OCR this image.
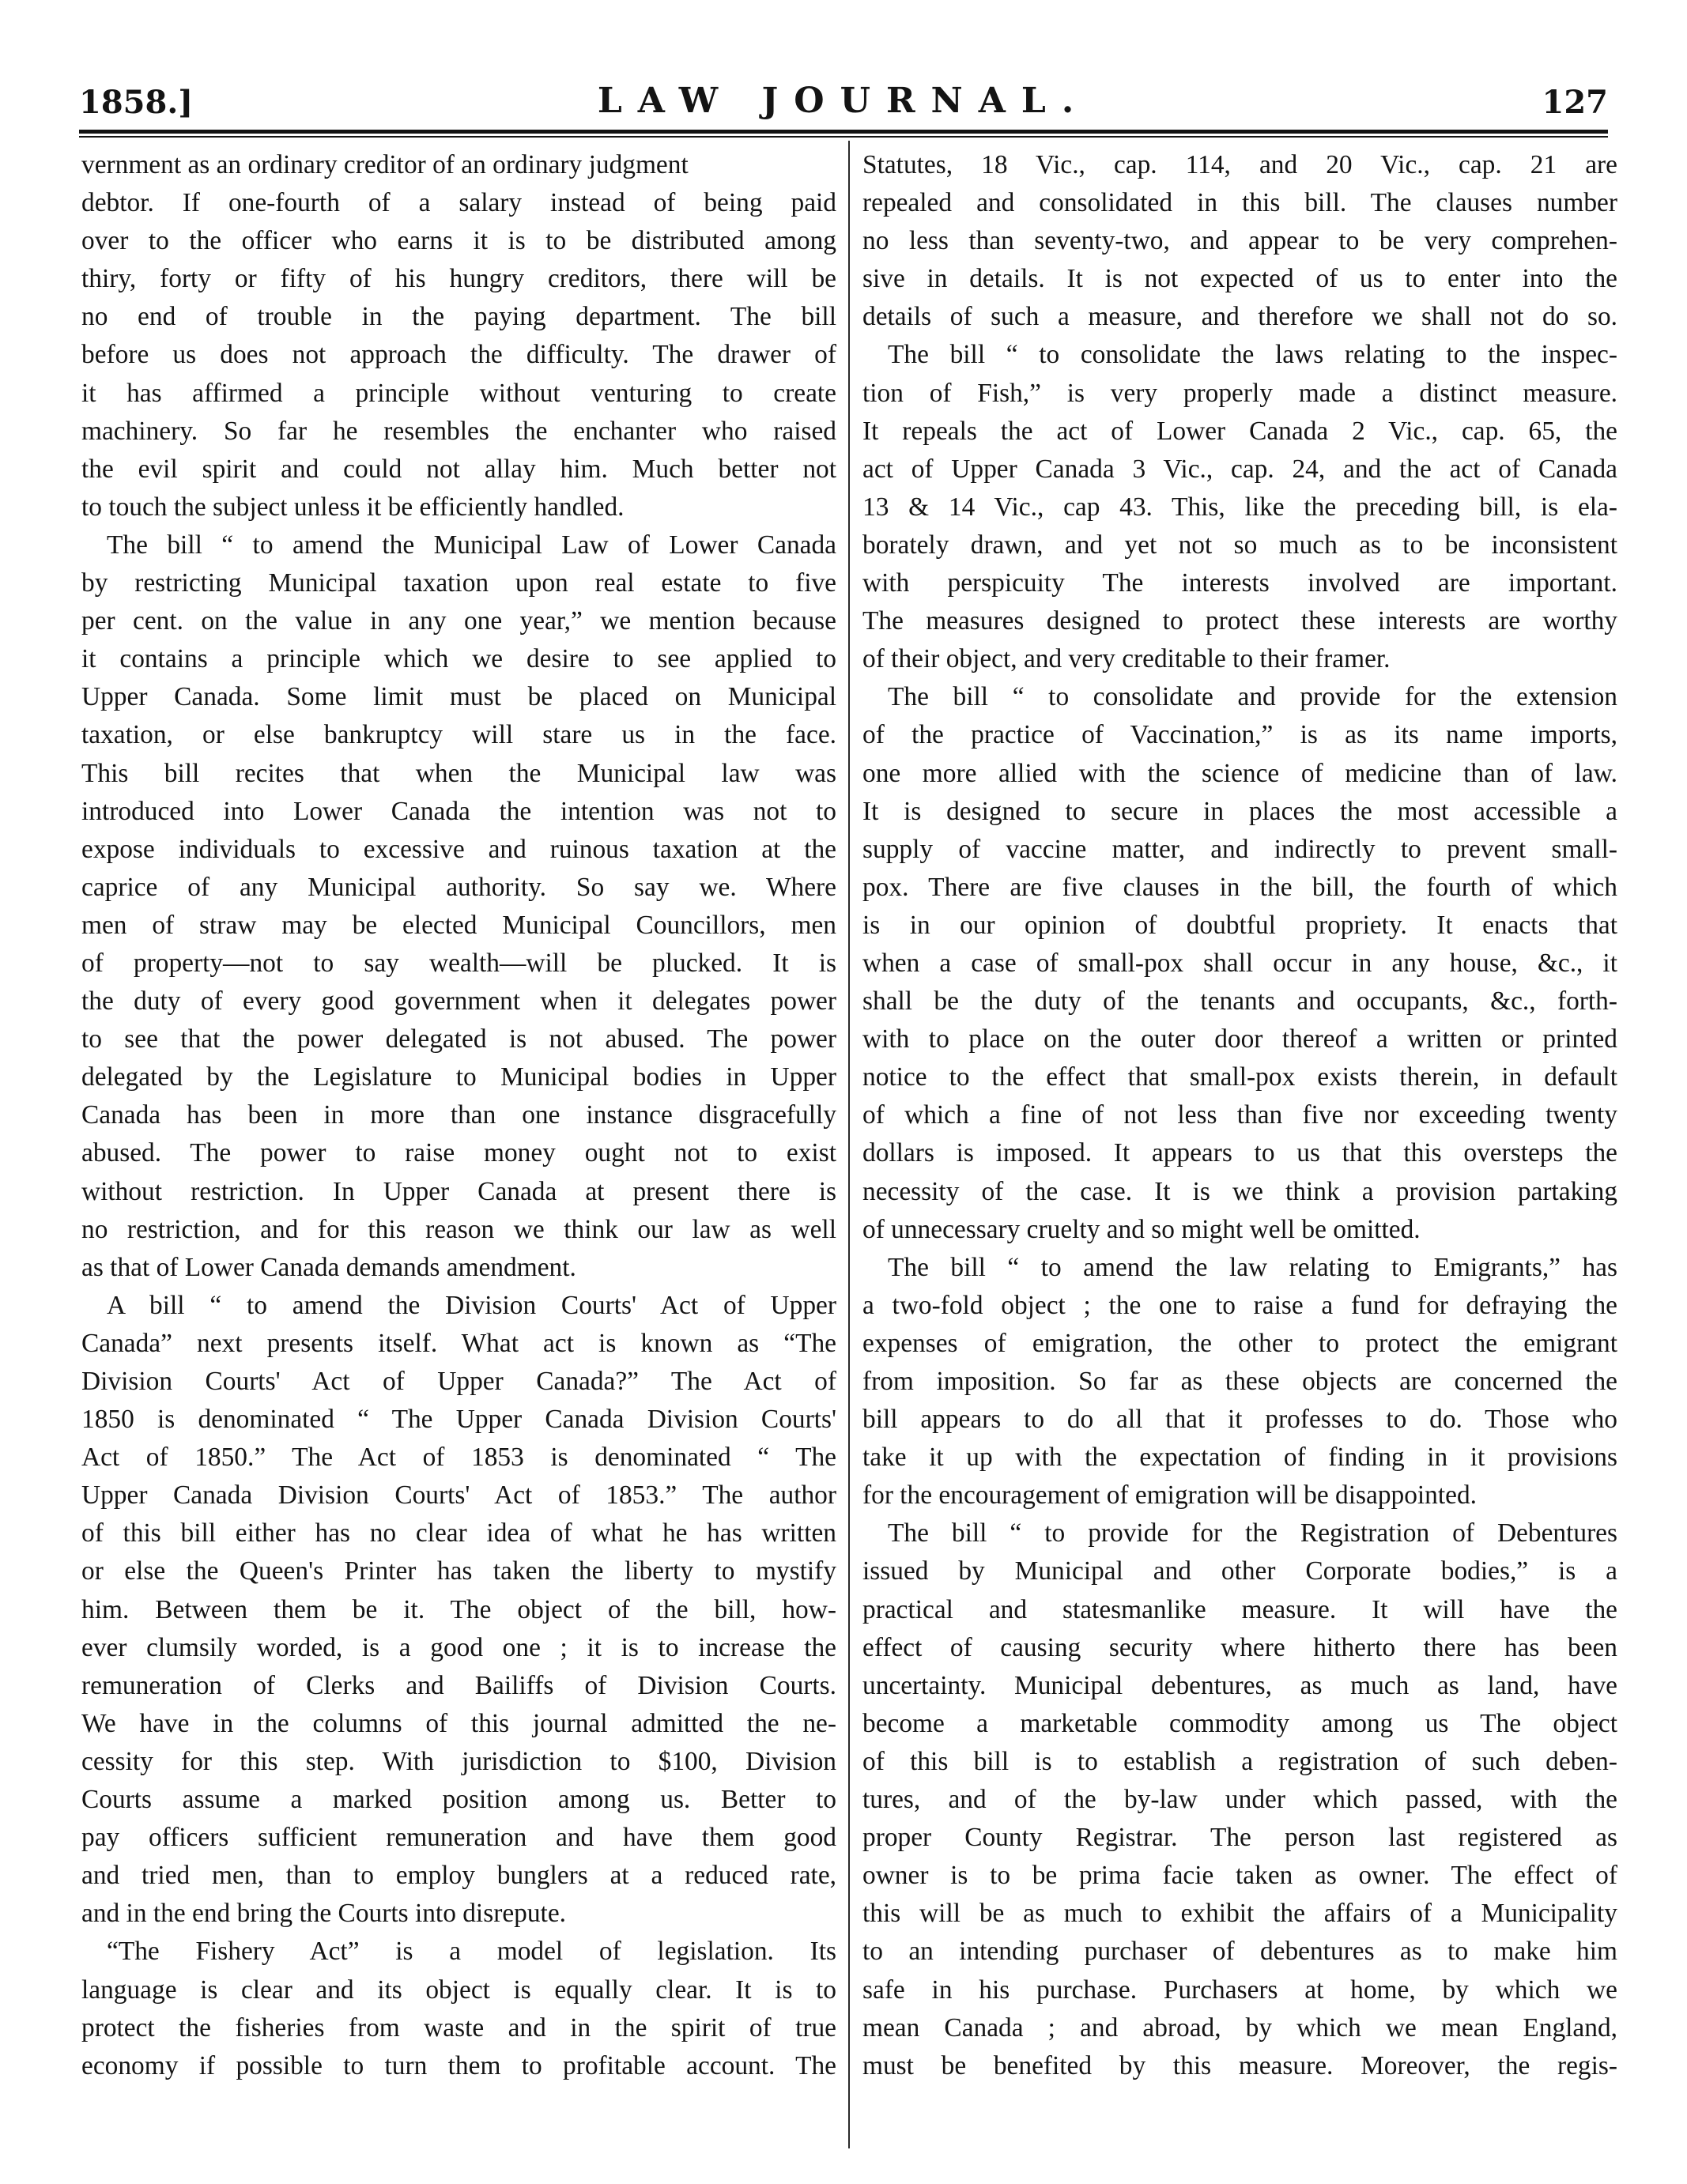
1858.]	LAW JOURNAL.	127

vernment as an ordinary creditor of an ordinary judgment

debtor. If one-fourth of a salary instead of being paid

over to the officer who earns it is to be distributed among

thiry, forty or fifty of his hungry creditors, there will be

no end of trouble in the paying department. The bill

before us does not approach the difficulty. The drawer of

it has affirmed a principle without venturing to create

machinery. So far he resembles the enchanter who raised

the evil spirit and could not allay him. Much better not

to touch the subject unless it be efficiently handled.

The bill “ to amend the Municipal Law of Lower Canada

by restricting Municipal taxation upon real estate to five

per cent. on the value in any one year,” we mention because

it contains a principle which we desire to see applied to

Upper Canada. Some limit must be placed on Municipal

taxation, or else bankruptcy will stare us in the face.

This bill recites that when the Municipal law was

introduced into Lower Canada the intention was not to

expose individuals to excessive and ruinous taxation at the

caprice of any Municipal authority. So say we. Where

men of straw may be elected Municipal Councillors, men

of property—not to say wealth—will be plucked. It is

the duty of every good government when it delegates power

to see that the power delegated is not abused. The power

delegated by the Legislature to Municipal bodies in Upper

Canada has been in more than one instance disgracefully

abused. The power to raise money ought not to exist

without restriction. In Upper Canada at present there is

no restriction, and for this reason we think our law as well

as that of Lower Canada demands amendment.

A bill “ to amend the Division Courts' Act of Upper

Canada” next presents itself. What act is known as “The

Division Courts' Act of Upper Canada?” The Act of

1850 is denominated “ The Upper Canada Division Courts'

Act of 1850.” The Act of 1853 is denominated “ The

Upper Canada Division Courts' Act of 1853.” The author

of this bill either has no clear idea of what he has written

or else the Queen's Printer has taken the liberty to mystify

him. Between them be it. The object of the bill, how-

ever clumsily worded, is a good one ; it is to increase the

remuneration of Clerks and Bailiffs of Division Courts.

We have in the columns of this journal admitted the ne-

cessity for this step. With jurisdiction to $100, Division

Courts assume a marked position among us. Better to

pay officers sufficient remuneration and have them good

and tried men, than to employ bunglers at a reduced rate,

and in the end bring the Courts into disrepute.

“The Fishery Act” is a model of legislation. Its

language is clear and its object is equally clear. It is to

protect the fisheries from waste and in the spirit of true

economy if possible to turn them to profitable account. The

Statutes, 18 Vic., cap. 114, and 20 Vic., cap. 21 are

repealed and consolidated in this bill. The clauses number

no less than seventy-two, and appear to be very comprehen-

sive in details. It is not expected of us to enter into the

details of such a measure, and therefore we shall not do so.

The bill “ to consolidate the laws relating to the inspec-

tion of Fish,” is very properly made a distinct measure.

It repeals the act of Lower Canada 2 Vic., cap. 65, the

act of Upper Canada 3 Vic., cap. 24, and the act of Canada

13 & 14 Vic., cap 43. This, like the preceding bill, is ela-

borately drawn, and yet not so much as to be inconsistent

with perspicuity The interests involved are important.

The measures designed to protect these interests are worthy

of their object, and very creditable to their framer.

The bill “ to consolidate and provide for the extension

of the practice of Vaccination,” is as its name imports,

one more allied with the science of medicine than of law.

It is designed to secure in places the most accessible a

supply of vaccine matter, and indirectly to prevent small-

pox. There are five clauses in the bill, the fourth of which

is in our opinion of doubtful propriety. It enacts that

when a case of small-pox shall occur in any house, &c., it

shall be the duty of the tenants and occupants, &c., forth-

with to place on the outer door thereof a written or printed

notice to the effect that small-pox exists therein, in default

of which a fine of not less than five nor exceeding twenty

dollars is imposed. It appears to us that this oversteps the

necessity of the case. It is we think a provision partaking

of unnecessary cruelty and so might well be omitted.

The bill “ to amend the law relating to Emigrants,” has

a two-fold object ; the one to raise a fund for defraying the

expenses of emigration, the other to protect the emigrant

from imposition. So far as these objects are concerned the

bill appears to do all that it professes to do. Those who

take it up with the expectation of finding in it provisions

for the encouragement of emigration will be disappointed.

The bill “ to provide for the Registration of Debentures

issued by Municipal and other Corporate bodies,” is a

practical and statesmanlike measure. It will have the

effect of causing security where hitherto there has been

uncertainty. Municipal debentures, as much as land, have

become a marketable commodity among us The object

of this bill is to establish a registration of such deben-

tures, and of the by-law under which passed, with the

proper County Registrar. The person last registered as

owner is to be prima facie taken as owner. The effect of

this will be as much to exhibit the affairs of a Municipality

to an intending purchaser of debentures as to make him

safe in his purchase. Purchasers at home, by which we

mean Canada ; and abroad, by which we mean England,

must be benefited by this measure. Moreover, the regis-
